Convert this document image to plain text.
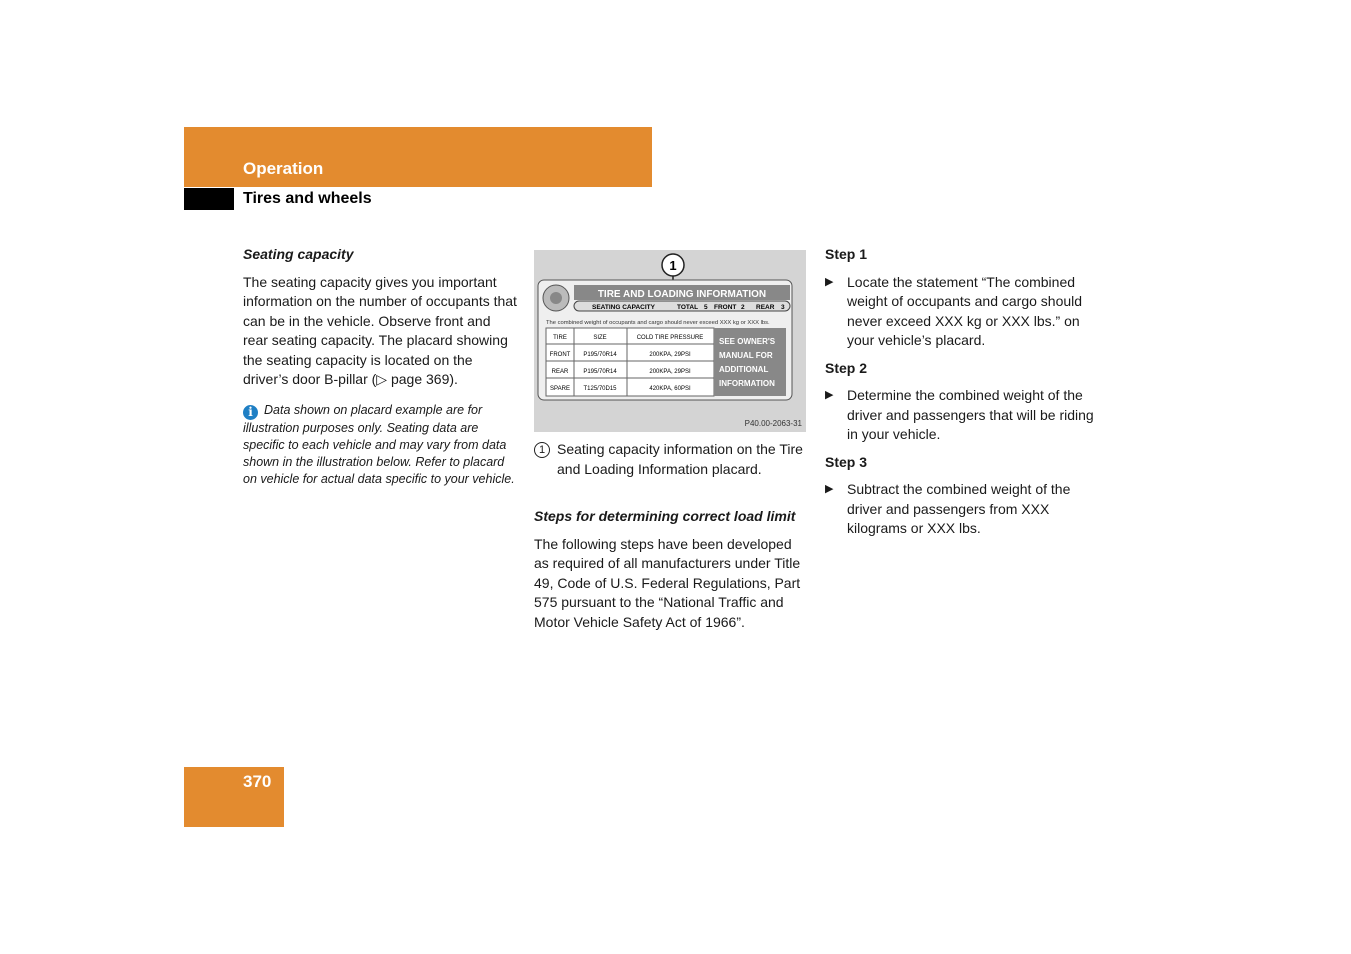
Operation
Tires and wheels

Seating capacity

The seating capacity gives you important information on the number of occupants that can be in the vehicle. Observe front and rear seating capacity. The placard showing the seating capacity is located on the driver’s door B-pillar (▷ page 369).

i Data shown on placard example are for illustration purposes only. Seating data are specific to each vehicle and may vary from data shown in the illustration below. Refer to placard on vehicle for actual data specific to your vehicle.
1
TIRE AND LOADING INFORMATION
SEATING CAPACITY	TOTAL 5 FRONT 2 REAR 3
The combined weight of occupants and cargo should never exceed XXX kg or XXX lbs.
TIRE	SIZE	COLD TIRE PRESSURE
FRONT P195/70R14	200KPA, 29PSI
REAR P195/70R14	200KPA, 29PSI
SPARE T125/70D15	420KPA, 60PSI
SEE OWNER'S
MANUAL FOR
ADDITIONAL
INFORMATION
P40.00-2063-31
1 Seating capacity information on the Tire and Loading Information placard.

Steps for determining correct load limit

The following steps have been developed as required of all manufacturers under Title 49, Code of U.S. Federal Regulations, Part 575 pursuant to the “National Traffic and Motor Vehicle Safety Act of 1966”.

Step 1

▶ Locate the statement “The combined weight of occupants and cargo should never exceed XXX kg or XXX lbs.” on your vehicle’s placard.

Step 2

▶ Determine the combined weight of the driver and passengers that will be riding in your vehicle.

Step 3

▶ Subtract the combined weight of the driver and passengers from XXX kilograms or XXX lbs.
370
